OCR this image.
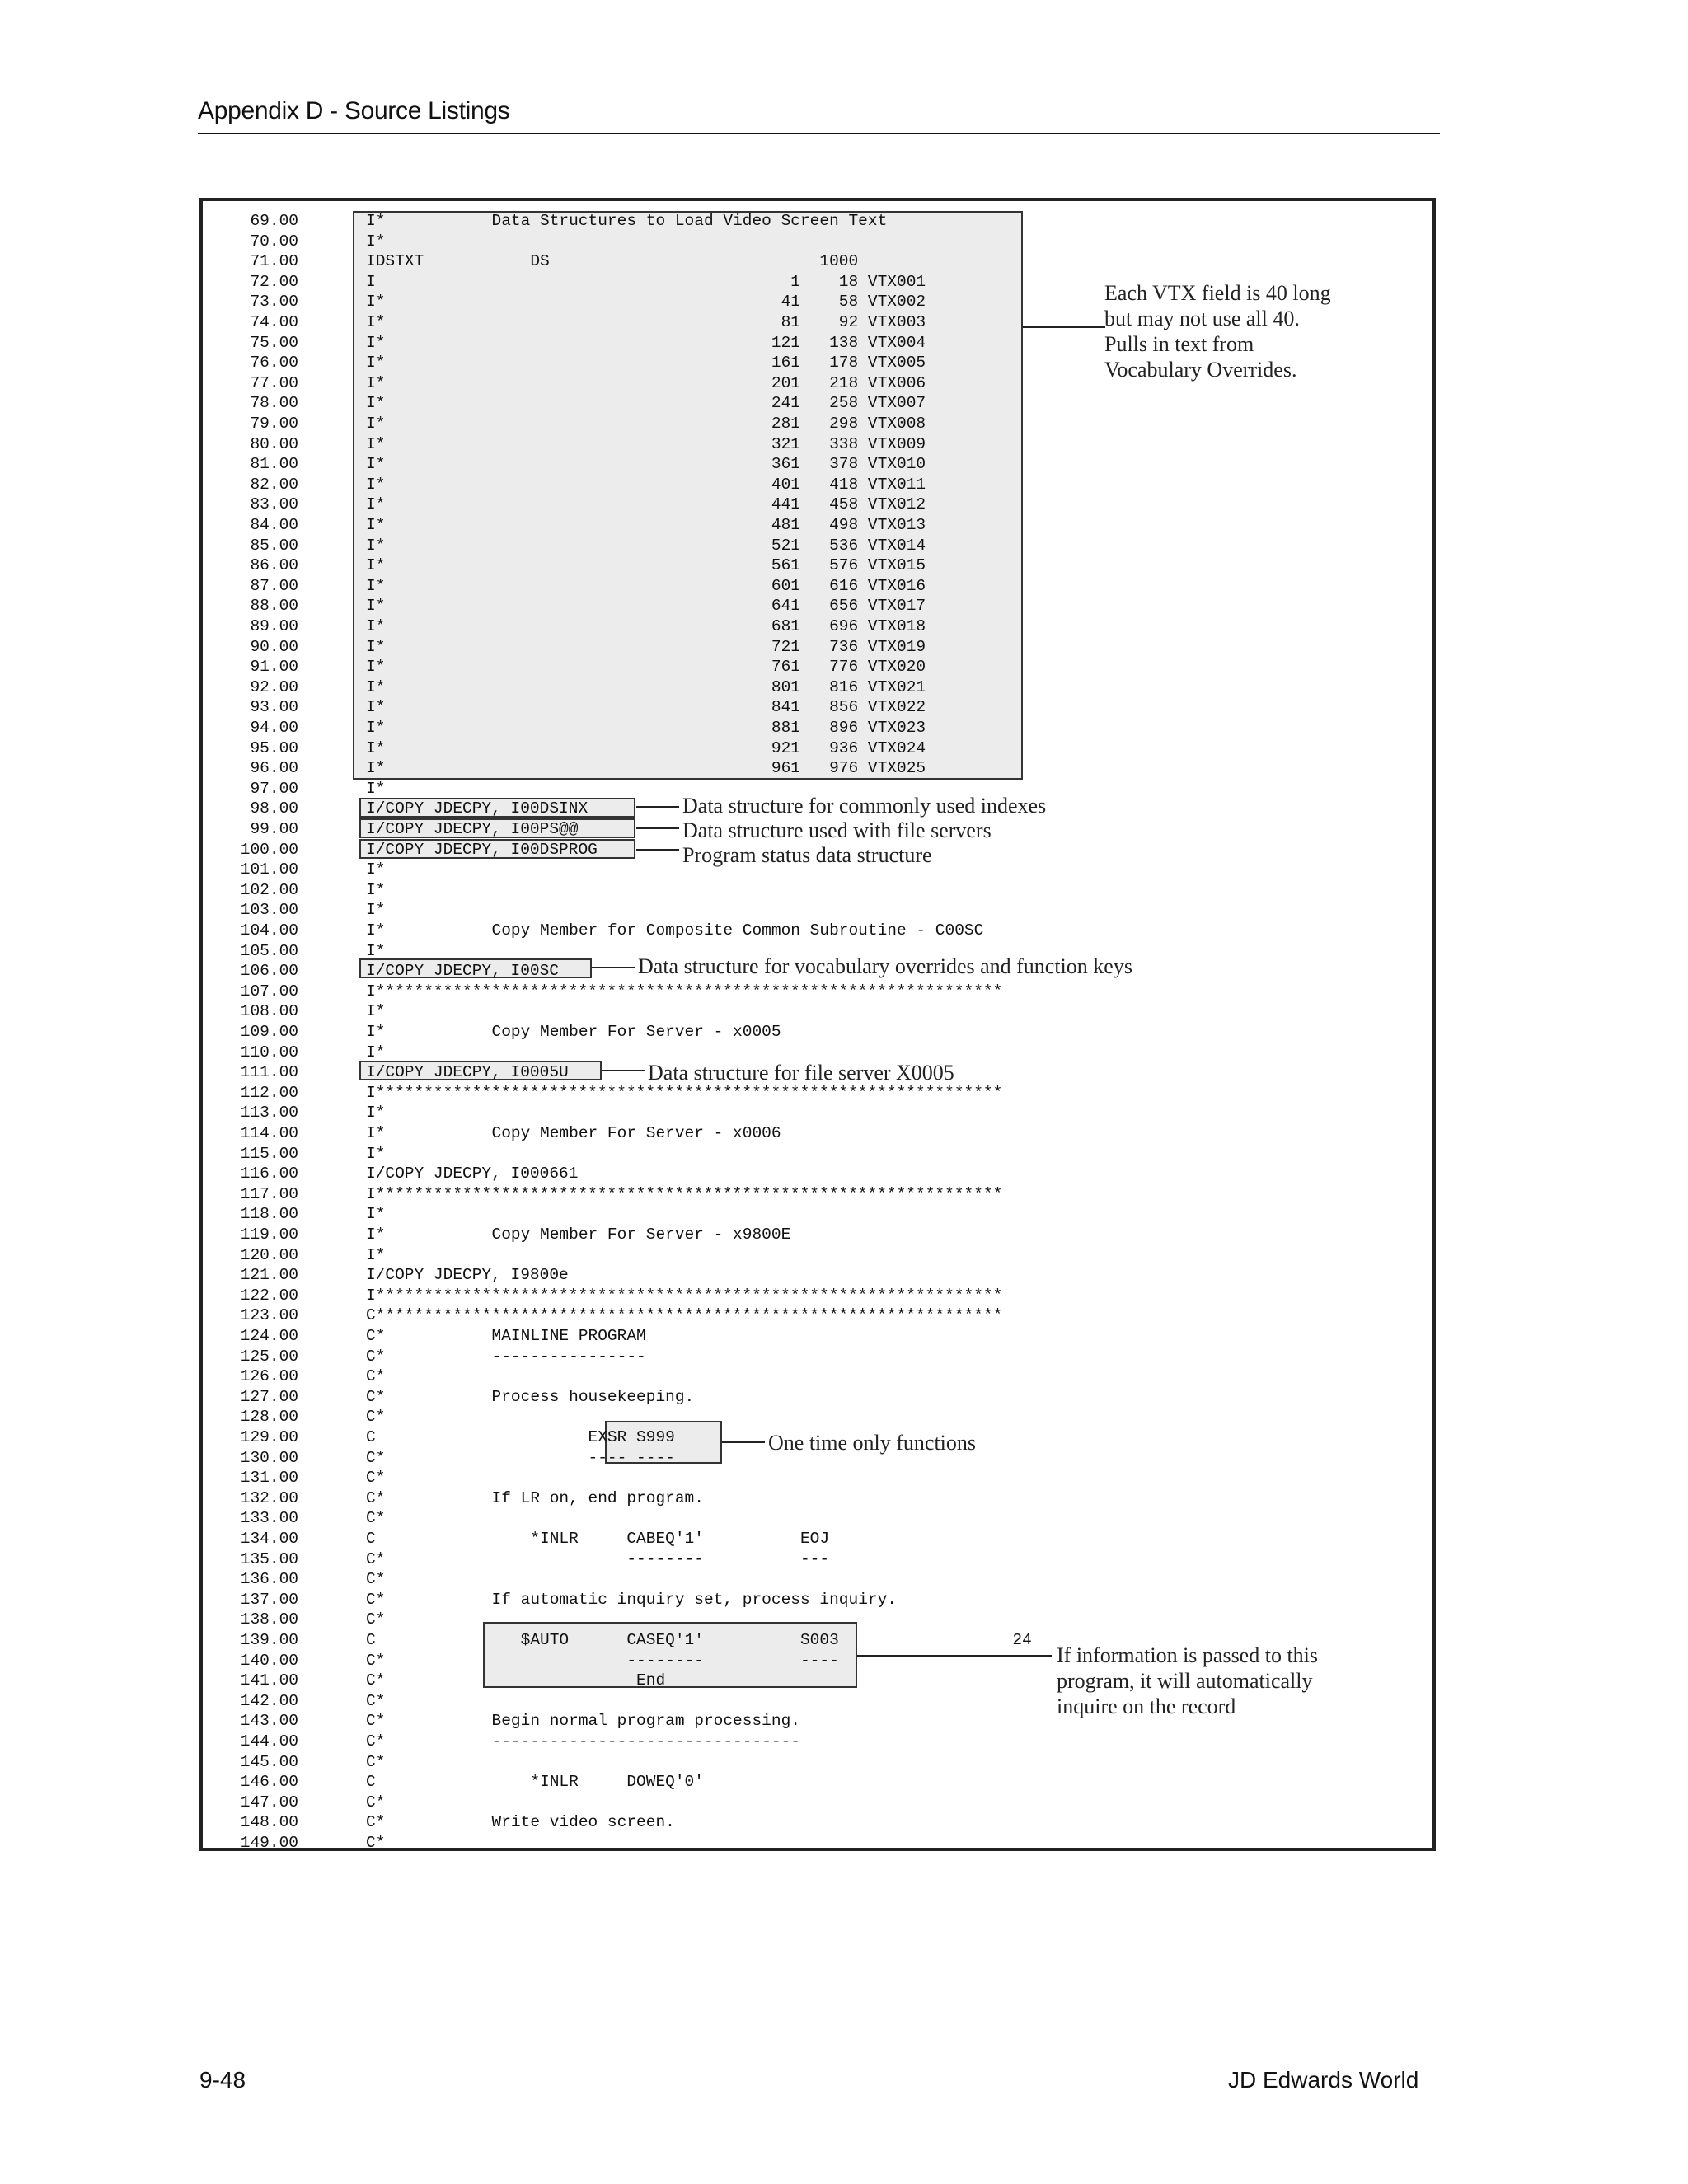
Appendix D - Source Listings
69.00	I*	Data Structures to Load Video Screen Text
70.00	I*
71.00	IDSTXT DS                            1000
72.00	I	1    18 VTX001
73.00	I*	41    58 VTX002
74.00	I*	81    92 VTX003
75.00	I*	121   138 VTX004
76.00	I*	161   178 VTX005
77.00	I*	201   218 VTX006
78.00	I*	241   258 VTX007
79.00	I*	281   298 VTX008
80.00	I*	321   338 VTX009
81.00	I*	361   378 VTX010
82.00	I*	401   418 VTX011
83.00	I*	441   458 VTX012
84.00	I*	481   498 VTX013
85.00	I*	521   536 VTX014
86.00	I*	561   576 VTX015
87.00	I*	601   616 VTX016
88.00	I*	641   656 VTX017
89.00	I*	681   696 VTX018
90.00	I*	721   736 VTX019
91.00	I*	761   776 VTX020
92.00	I*	801   816 VTX021
93.00	I*	841   856 VTX022
94.00	I*	881   896 VTX023
95.00	I*	921   936 VTX024
96.00	I*	961   976 VTX025
97.00	I*
98.00	I/COPY JDECPY, I00DSINX
99.00	I/COPY JDECPY, I00PS@@
100.00	I/COPY JDECPY, I00DSPROG
101.00	I*
102.00	I*
103.00	I*
104.00	I*	Copy Member for Composite Common Subroutine - C00SC
105.00	I*
106.00	I/COPY JDECPY, I00SC
107.00	I*****************************************************************
108.00	I*
109.00	I*	Copy Member For Server - x0005
110.00	I*
111.00	I/COPY JDECPY, I0005U
112.00	I*****************************************************************
113.00	I*
114.00	I*	Copy Member For Server - x0006
115.00	I*
116.00	I/COPY JDECPY, I000661
117.00	I*****************************************************************
118.00	I*
119.00	I*	Copy Member For Server - x9800E
120.00	I*
121.00	I/COPY JDECPY, I9800e
122.00	I*****************************************************************
123.00	C*****************************************************************
124.00	C*	MAINLINE PROGRAM
125.00	C*	----------------
126.00	C*
127.00	C*	Process housekeeping.
128.00	C*
129.00	C	EXSR S999
130.00	C*	---- ----
131.00	C*
132.00	C*	If LR on, end program.
133.00	C*
134.00	C	*INLR     CABEQ'1'          EOJ
135.00	C*	--------          ---
136.00	C*
137.00	C*	If automatic inquiry set, process inquiry.
138.00	C*
139.00	C	$AUTO      CASEQ'1'          S003                  24
140.00	C*	--------          ----
141.00	C*	End
142.00	C*
143.00	C*	Begin normal program processing.
144.00	C*	--------------------------------
145.00	C*
146.00	C	*INLR     DOWEQ'0'
147.00	C*
148.00	C*	Write video screen.
149.00	C*
Each VTX field is 40 long
but may not use all 40.
Pulls in text from
Vocabulary Overrides.
Data structure for commonly used indexes
Data structure used with file servers
Program status data structure
Data structure for vocabulary overrides and function keys
Data structure for file server X0005
One time only functions
If information is passed to this
program, it will automatically
inquire on the record
9-48	JD Edwards World
